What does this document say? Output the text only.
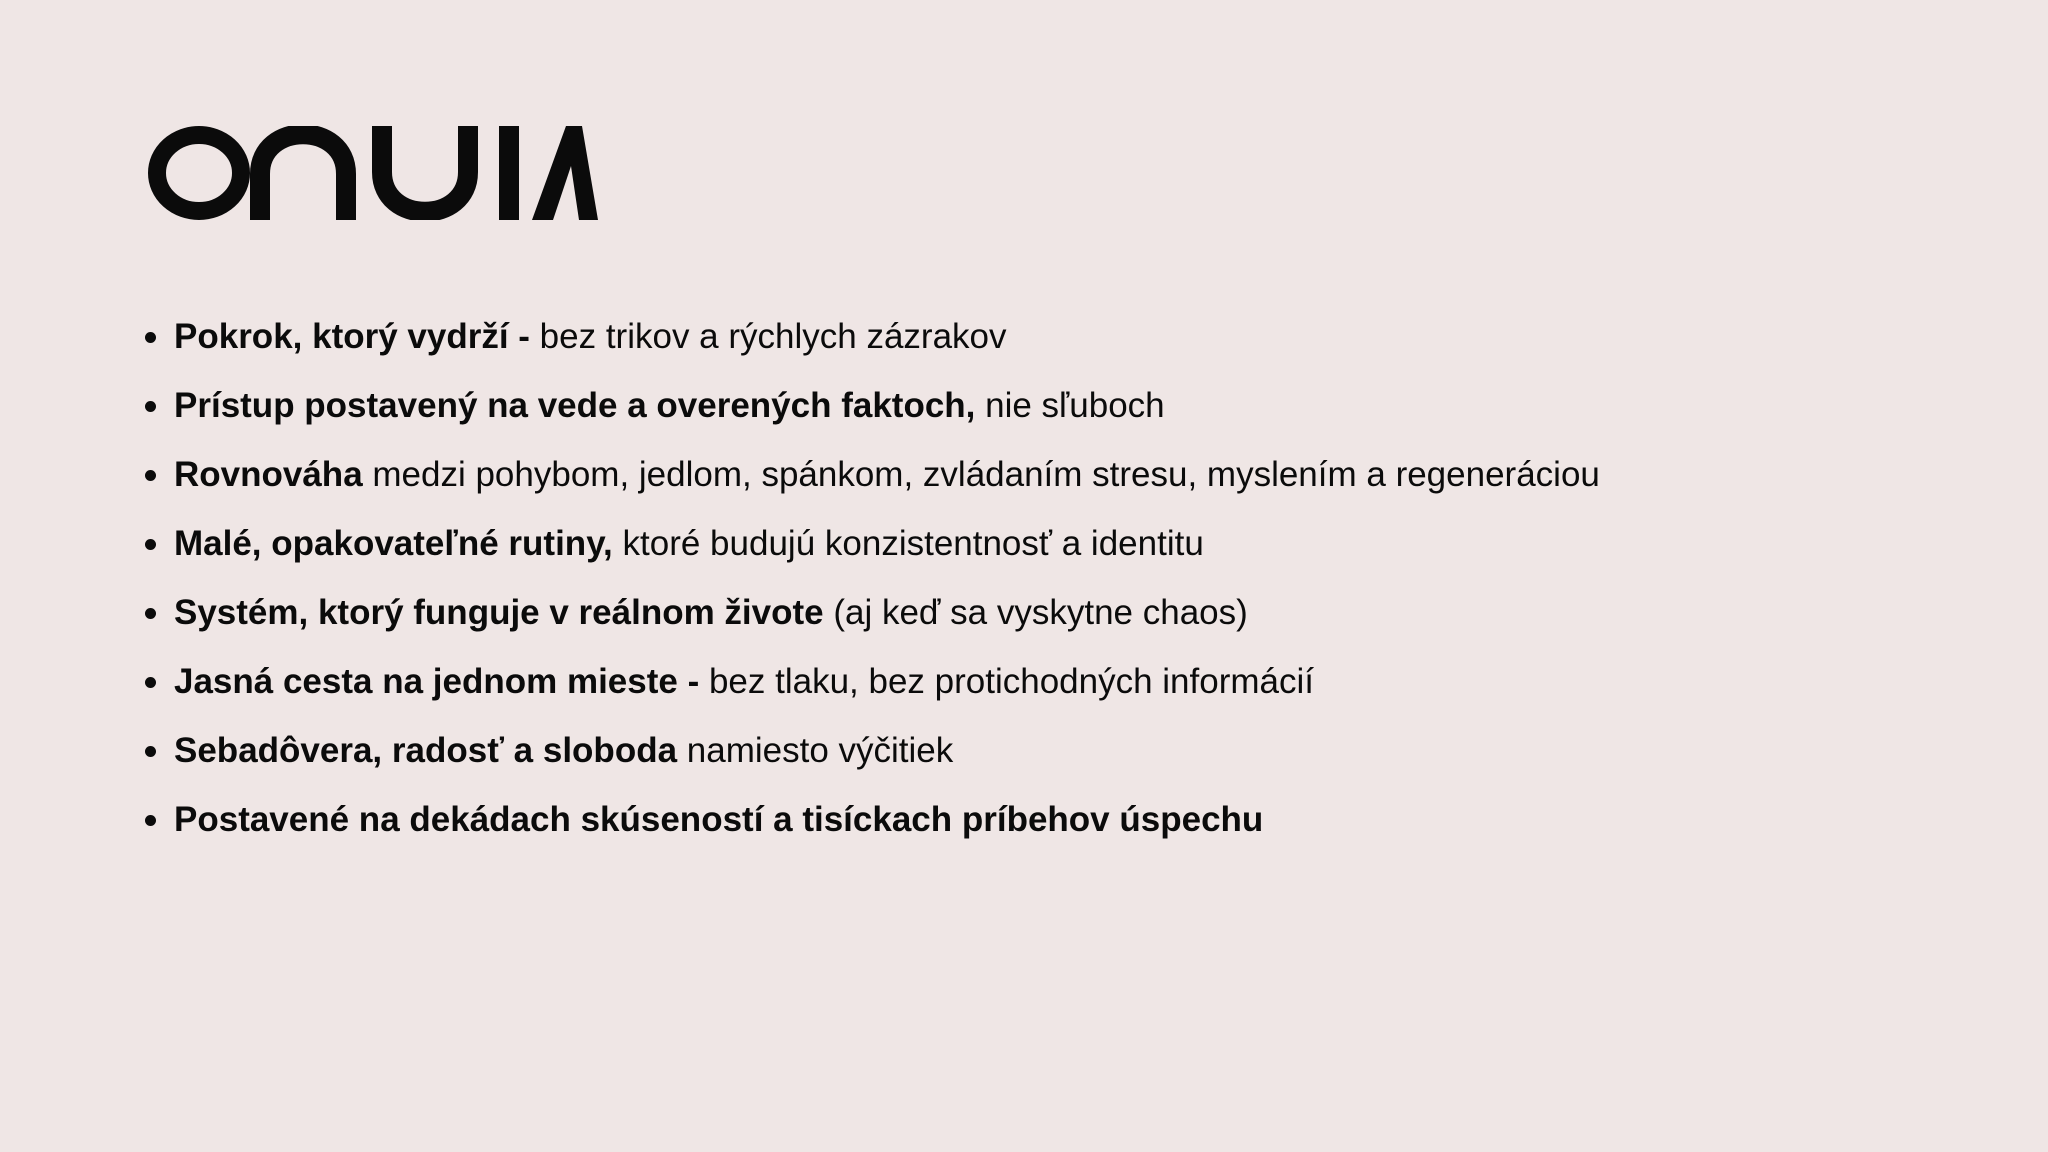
Pokrok, ktorý vydrží - bez trikov a rýchlych zázrakov
Prístup postavený na vede a overených faktoch, nie sľuboch
Rovnováha medzi pohybom, jedlom, spánkom, zvládaním stresu, myslením a regeneráciou
Malé, opakovateľné rutiny, ktoré budujú konzistentnosť a identitu
Systém, ktorý funguje v reálnom živote (aj keď sa vyskytne chaos)
Jasná cesta na jednom mieste - bez tlaku, bez protichodných informácií
Sebadôvera, radosť a sloboda namiesto výčitiek
Postavené na dekádach skúseností a tisíckach príbehov úspechu
